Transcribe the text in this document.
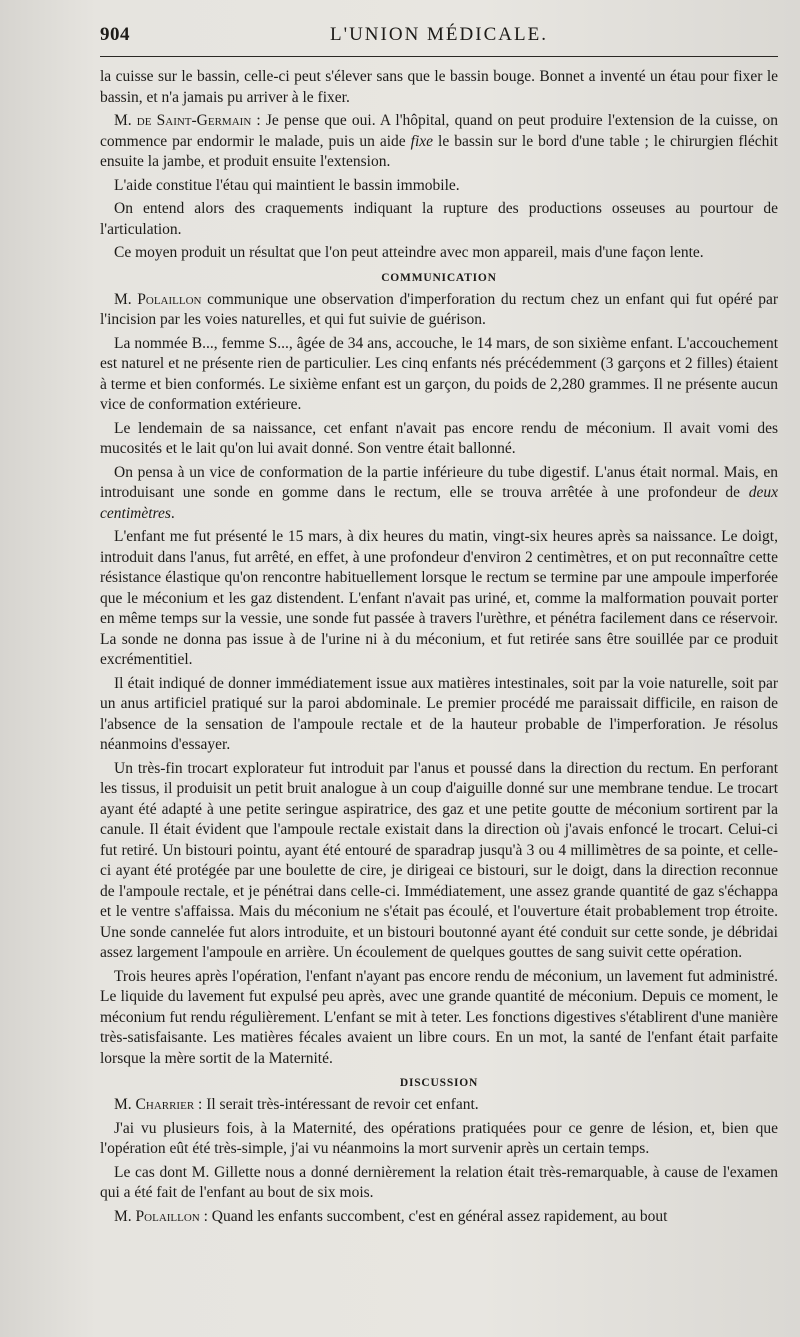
904	L'UNION MÉDICALE.

la cuisse sur le bassin, celle-ci peut s'élever sans que le bassin bouge. Bonnet a inventé un étau pour fixer le bassin, et n'a jamais pu arriver à le fixer.

M. de Saint-Germain : Je pense que oui. A l'hôpital, quand on peut produire l'extension de la cuisse, on commence par endormir le malade, puis un aide fixe le bassin sur le bord d'une table ; le chirurgien fléchit ensuite la jambe, et produit ensuite l'extension.

L'aide constitue l'étau qui maintient le bassin immobile.

On entend alors des craquements indiquant la rupture des productions osseuses au pourtour de l'articulation.

Ce moyen produit un résultat que l'on peut atteindre avec mon appareil, mais d'une façon lente.

COMMUNICATION

M. Polaillon communique une observation d'imperforation du rectum chez un enfant qui fut opéré par l'incision par les voies naturelles, et qui fut suivie de guérison.

La nommée B..., femme S..., âgée de 34 ans, accouche, le 14 mars, de son sixième enfant. L'accouchement est naturel et ne présente rien de particulier. Les cinq enfants nés précédemment (3 garçons et 2 filles) étaient à terme et bien conformés. Le sixième enfant est un garçon, du poids de 2,280 grammes. Il ne présente aucun vice de conformation extérieure.

Le lendemain de sa naissance, cet enfant n'avait pas encore rendu de méconium. Il avait vomi des mucosités et le lait qu'on lui avait donné. Son ventre était ballonné.

On pensa à un vice de conformation de la partie inférieure du tube digestif. L'anus était normal. Mais, en introduisant une sonde en gomme dans le rectum, elle se trouva arrêtée à une profondeur de deux centimètres.

L'enfant me fut présenté le 15 mars, à dix heures du matin, vingt-six heures après sa naissance. Le doigt, introduit dans l'anus, fut arrêté, en effet, à une profondeur d'environ 2 centimètres, et on put reconnaître cette résistance élastique qu'on rencontre habituellement lorsque le rectum se termine par une ampoule imperforée que le méconium et les gaz distendent. L'enfant n'avait pas uriné, et, comme la malformation pouvait porter en même temps sur la vessie, une sonde fut passée à travers l'urèthre, et pénétra facilement dans ce réservoir. La sonde ne donna pas issue à de l'urine ni à du méconium, et fut retirée sans être souillée par ce produit excrémentitiel.

Il était indiqué de donner immédiatement issue aux matières intestinales, soit par la voie naturelle, soit par un anus artificiel pratiqué sur la paroi abdominale. Le premier procédé me paraissait difficile, en raison de l'absence de la sensation de l'ampoule rectale et de la hauteur probable de l'imperforation. Je résolus néanmoins d'essayer.

Un très-fin trocart explorateur fut introduit par l'anus et poussé dans la direction du rectum. En perforant les tissus, il produisit un petit bruit analogue à un coup d'aiguille donné sur une membrane tendue. Le trocart ayant été adapté à une petite seringue aspiratrice, des gaz et une petite goutte de méconium sortirent par la canule. Il était évident que l'ampoule rectale existait dans la direction où j'avais enfoncé le trocart. Celui-ci fut retiré. Un bistouri pointu, ayant été entouré de sparadrap jusqu'à 3 ou 4 millimètres de sa pointe, et celle-ci ayant été protégée par une boulette de cire, je dirigeai ce bistouri, sur le doigt, dans la direction reconnue de l'ampoule rectale, et je pénétrai dans celle-ci. Immédiatement, une assez grande quantité de gaz s'échappa et le ventre s'affaissa. Mais du méconium ne s'était pas écoulé, et l'ouverture était probablement trop étroite. Une sonde cannelée fut alors introduite, et un bistouri boutonné ayant été conduit sur cette sonde, je débridai assez largement l'ampoule en arrière. Un écoulement de quelques gouttes de sang suivit cette opération.

Trois heures après l'opération, l'enfant n'ayant pas encore rendu de méconium, un lavement fut administré. Le liquide du lavement fut expulsé peu après, avec une grande quantité de méconium. Depuis ce moment, le méconium fut rendu régulièrement. L'enfant se mit à teter. Les fonctions digestives s'établirent d'une manière très-satisfaisante. Les matières fécales avaient un libre cours. En un mot, la santé de l'enfant était parfaite lorsque la mère sortit de la Maternité.

DISCUSSION

M. Charrier : Il serait très-intéressant de revoir cet enfant.

J'ai vu plusieurs fois, à la Maternité, des opérations pratiquées pour ce genre de lésion, et, bien que l'opération eût été très-simple, j'ai vu néanmoins la mort survenir après un certain temps.

Le cas dont M. Gillette nous a donné dernièrement la relation était très-remarquable, à cause de l'examen qui a été fait de l'enfant au bout de six mois.

M. Polaillon : Quand les enfants succombent, c'est en général assez rapidement, au bout
